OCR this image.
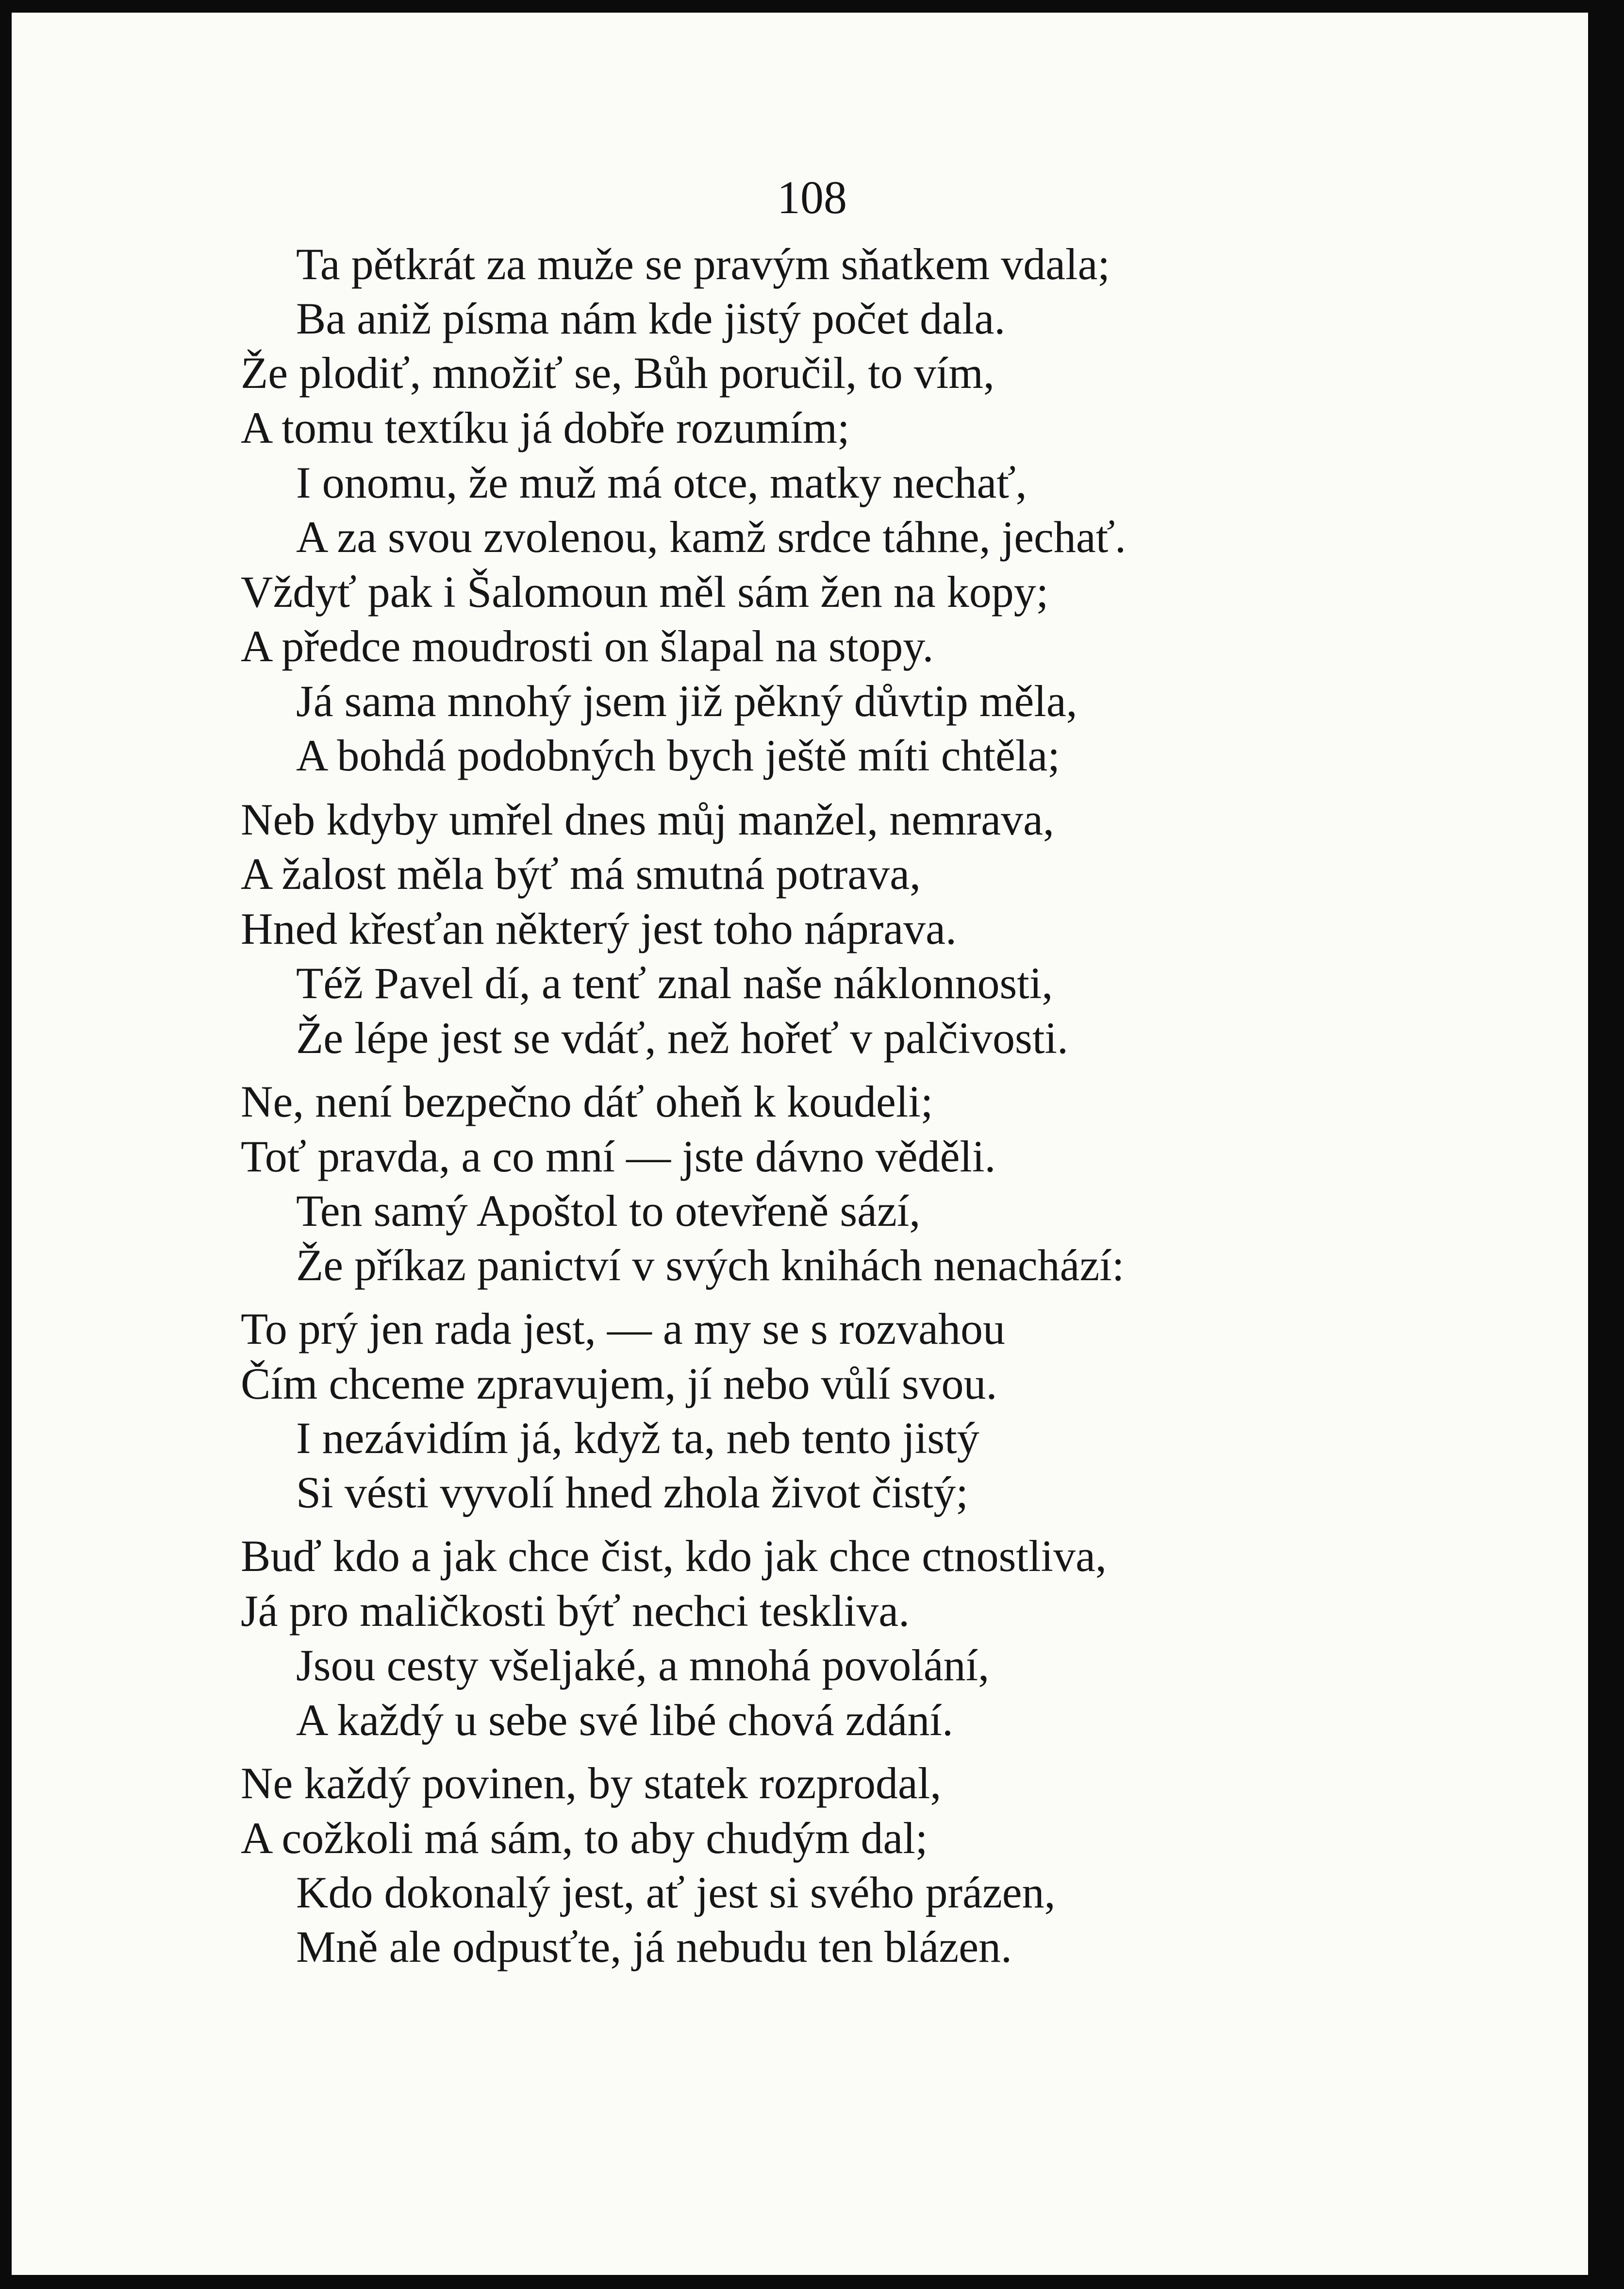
108
Ta pětkrát za muže se pravým sňatkem vdala;
Ba aniž písma nám kde jistý počet dala.
Že plodiť, množiť se, Bůh poručil, to vím,
A tomu textíku já dobře rozumím;
I onomu, že muž má otce, matky nechať,
A za svou zvolenou, kamž srdce táhne, jechať.
Vždyť pak i Šalomoun měl sám žen na kopy;
A předce moudrosti on šlapal na stopy.
Já sama mnohý jsem již pěkný důvtip měla,
A bohdá podobných bych ještě míti chtěla;
Neb kdyby umřel dnes můj manžel, nemrava,
A žalost měla býť má smutná potrava,
Hned křesťan některý jest toho náprava.
Též Pavel dí, a tenť znal naše náklonnosti,
Že lépe jest se vdáť, než hořeť v palčivosti.
Ne, není bezpečno dáť oheň k koudeli;
Toť pravda, a co mní — jste dávno věděli.
Ten samý Apoštol to otevřeně sází,
Že příkaz panictví v svých knihách nenachází:
To prý jen rada jest, — a my se s rozvahou
Čím chceme zpravujem, jí nebo vůlí svou.
I nezávidím já, když ta, neb tento jistý
Si vésti vyvolí hned zhola život čistý;
Buď kdo a jak chce čist, kdo jak chce ctnostliva,
Já pro maličkosti býť nechci teskliva.
Jsou cesty všeljaké, a mnohá povolání,
A každý u sebe své libé chová zdání.
Ne každý povinen, by statek rozprodal,
A cožkoli má sám, to aby chudým dal;
Kdo dokonalý jest, ať jest si svého prázen,
Mně ale odpusťte, já nebudu ten blázen.
